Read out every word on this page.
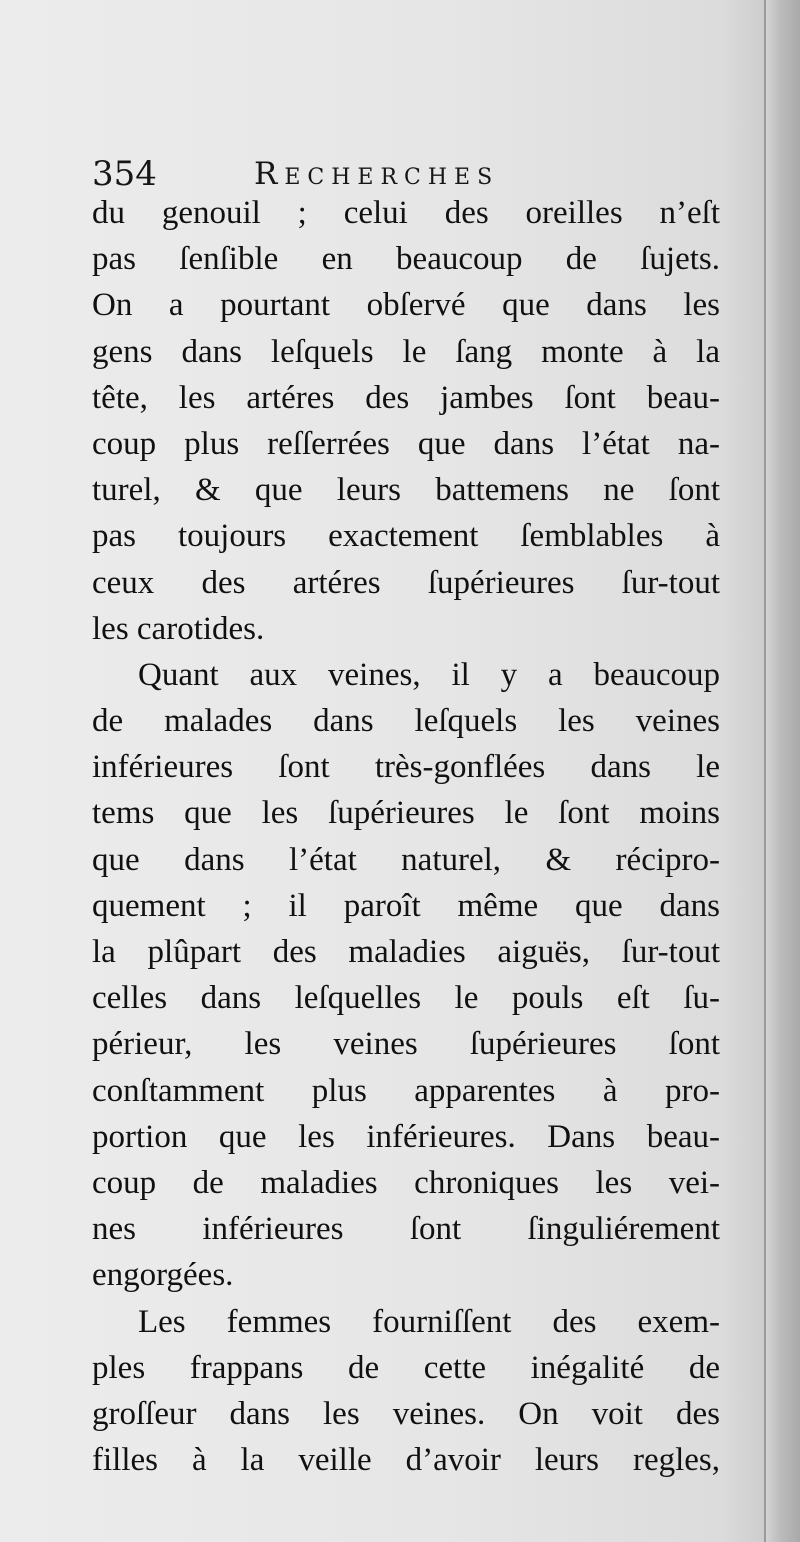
354	Recherches
du genouil ; celui des oreilles n’eſt
pas ſenſible en beaucoup de ſujets.
On a pourtant obſervé que dans les
gens dans leſquels le ſang monte à la
tête, les artéres des jambes ſont beau-
coup plus reſſerrées que dans l’état na-
turel, & que leurs battemens ne ſont
pas toujours exactement ſemblables à
ceux des artéres ſupérieures ſur-tout
les carotides.
Quant aux veines, il y a beaucoup
de malades dans leſquels les veines
inférieures ſont très-gonflées dans le
tems que les ſupérieures le ſont moins
que dans l’état naturel, & récipro-
quement ; il paroît même que dans
la plûpart des maladies aiguës, ſur-tout
celles dans leſquelles le pouls eſt ſu-
périeur, les veines ſupérieures ſont
conſtamment plus apparentes à pro-
portion que les inférieures. Dans beau-
coup de maladies chroniques les vei-
nes inférieures ſont ſinguliérement
engorgées.
Les femmes fourniſſent des exem-
ples frappans de cette inégalité de
groſſeur dans les veines. On voit des
filles à la veille d’avoir leurs regles,
